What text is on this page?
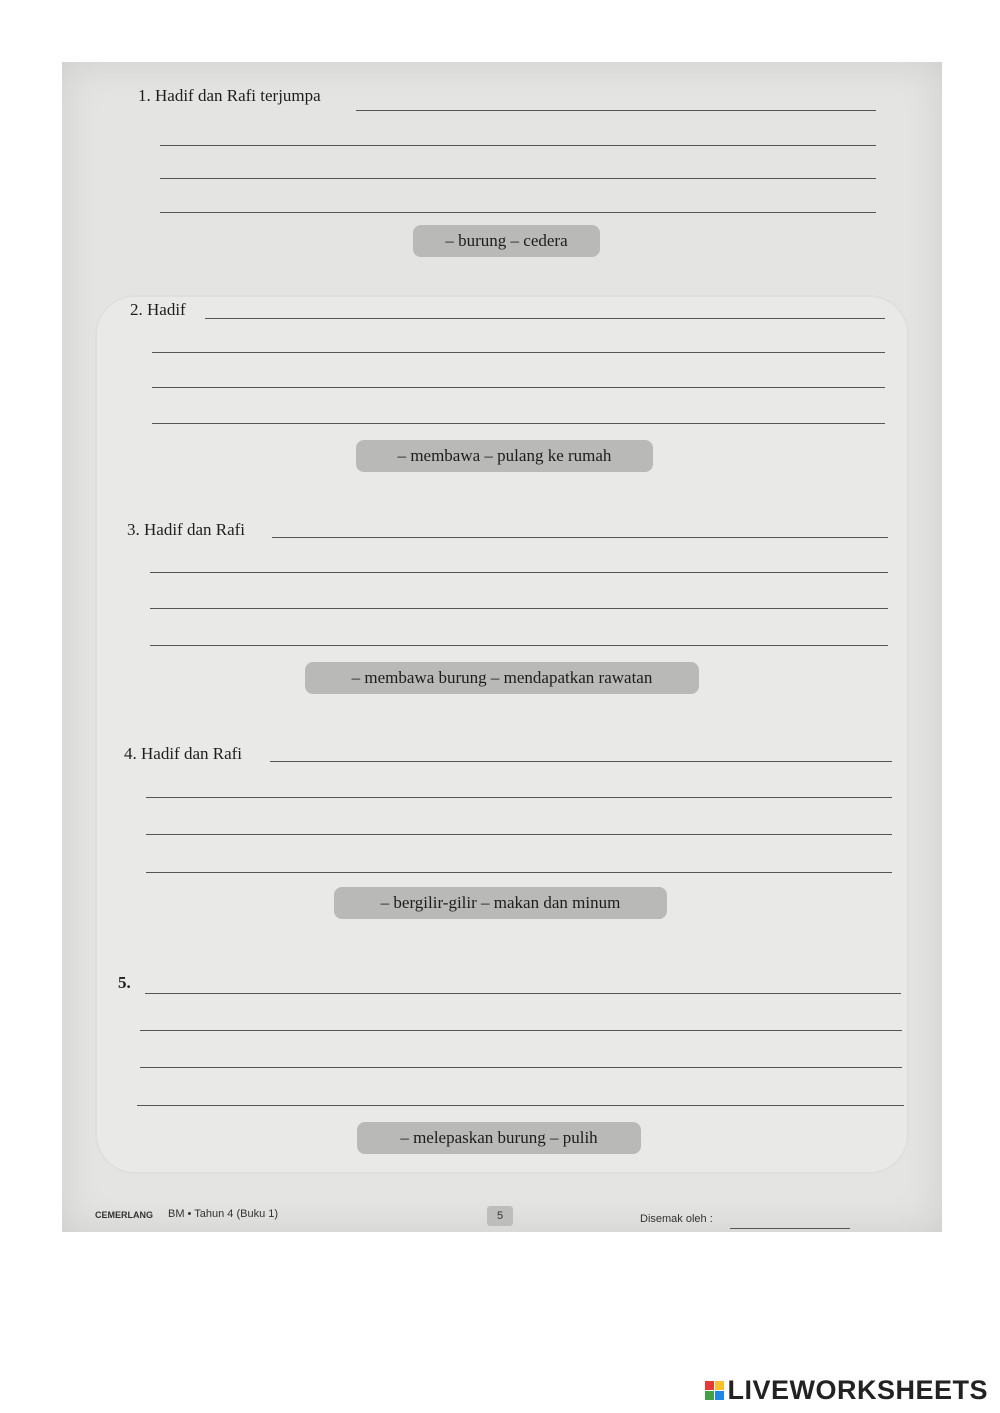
1. Hadif dan Rafi terjumpa
– burung – cedera
2. Hadif
– membawa – pulang ke rumah
3. Hadif dan Rafi
– membawa burung – mendapatkan rawatan
4. Hadif dan Rafi
– bergilir-gilir – makan dan minum
5.
– melepaskan burung – pulih
CEMERLANG BM • Tahun 4 (Buku 1)	5	Disemak oleh :
LIVEWORKSHEETS
